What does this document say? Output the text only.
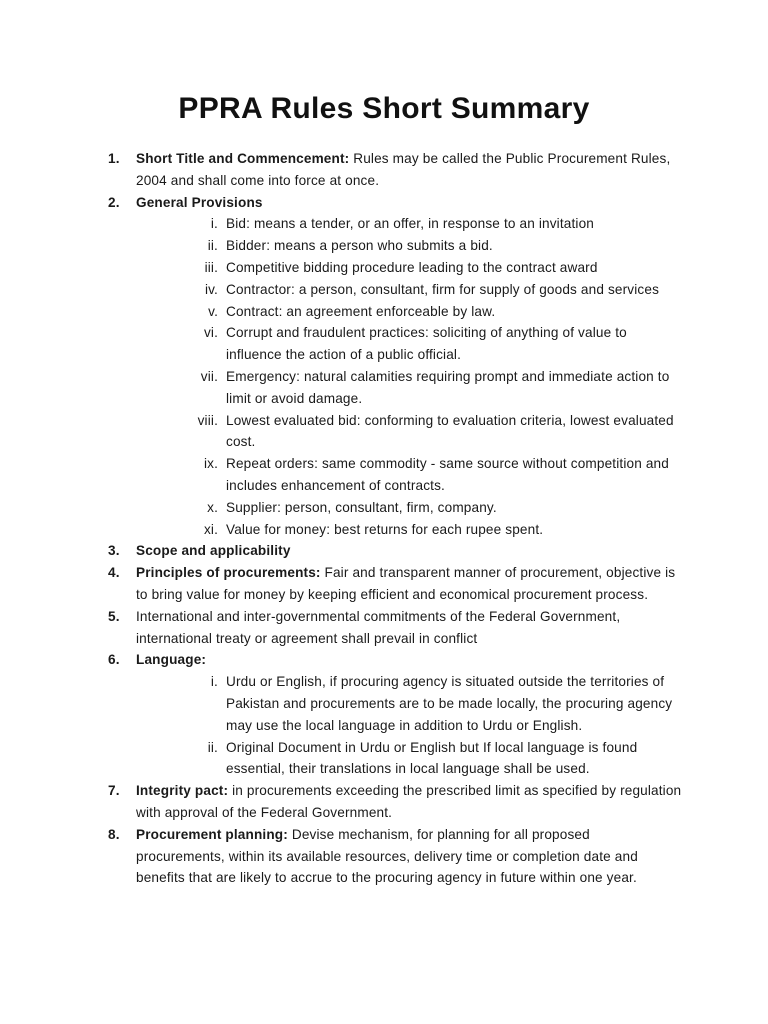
PPRA Rules Short Summary
1. Short Title and Commencement: Rules may be called the Public Procurement Rules, 2004 and shall come into force at once.
2. General Provisions
i. Bid: means a tender, or an offer, in response to an invitation
ii. Bidder: means a person who submits a bid.
iii. Competitive bidding procedure leading to the contract award
iv. Contractor: a person, consultant, firm for supply of goods and services
v. Contract: an agreement enforceable by law.
vi. Corrupt and fraudulent practices: soliciting of anything of value to influence the action of a public official.
vii. Emergency: natural calamities requiring prompt and immediate action to limit or avoid damage.
viii. Lowest evaluated bid: conforming to evaluation criteria, lowest evaluated cost.
ix. Repeat orders: same commodity - same source without competition and includes enhancement of contracts.
x. Supplier: person, consultant, firm, company.
xi. Value for money: best returns for each rupee spent.
3. Scope and applicability
4. Principles of procurements: Fair and transparent manner of procurement, objective is to bring value for money by keeping efficient and economical procurement process.
5. International and inter-governmental commitments of the Federal Government, international treaty or agreement shall prevail in conflict
6. Language:
i. Urdu or English, if procuring agency is situated outside the territories of Pakistan and procurements are to be made locally, the procuring agency may use the local language in addition to Urdu or English.
ii. Original Document in Urdu or English but If local language is found essential, their translations in local language shall be used.
7. Integrity pact: in procurements exceeding the prescribed limit as specified by regulation with approval of the Federal Government.
8. Procurement planning: Devise mechanism, for planning for all proposed procurements, within its available resources, delivery time or completion date and benefits that are likely to accrue to the procuring agency in future within one year.
